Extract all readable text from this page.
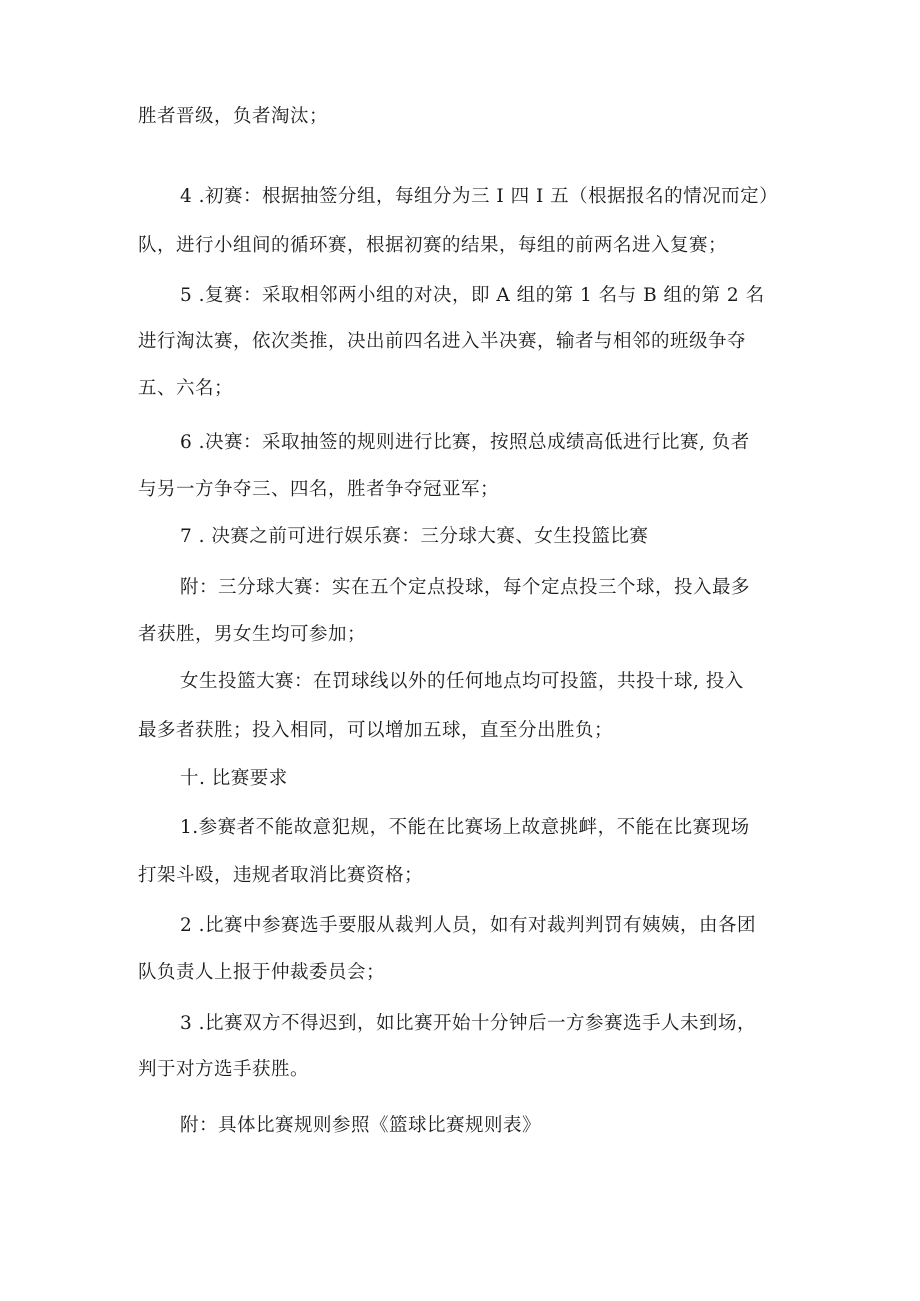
胜者晋级，负者淘汰；
4 .初赛：根据抽签分组，每组分为三 I 四 I 五（根据报名的情况而定）
队，进行小组间的循环赛，根据初赛的结果，每组的前两名进入复赛；
5 .复赛：采取相邻两小组的对决，即 A 组的第 1 名与 B 组的第 2 名
进行淘汰赛，依次类推，决出前四名进入半决赛，输者与相邻的班级争夺
五、六名；
6 .决赛：采取抽签的规则进行比赛，按照总成绩高低进行比赛, 负者
与另一方争夺三、四名，胜者争夺冠亚军；
7 . 决赛之前可进行娱乐赛：三分球大赛、女生投篮比赛
附：三分球大赛：实在五个定点投球，每个定点投三个球，投入最多
者获胜，男女生均可参加；
女生投篮大赛：在罚球线以外的任何地点均可投篮，共投十球, 投入
最多者获胜；投入相同，可以增加五球，直至分出胜负；
十. 比赛要求
1.参赛者不能故意犯规，不能在比赛场上故意挑衅，不能在比赛现场
打架斗殴，违规者取消比赛资格；
2 .比赛中参赛选手要服从裁判人员，如有对裁判判罚有姨姨，由各团
队负责人上报于仲裁委员会；
3 .比赛双方不得迟到，如比赛开始十分钟后一方参赛选手人未到场，
判于对方选手获胜。
附：具体比赛规则参照《篮球比赛规则表》
